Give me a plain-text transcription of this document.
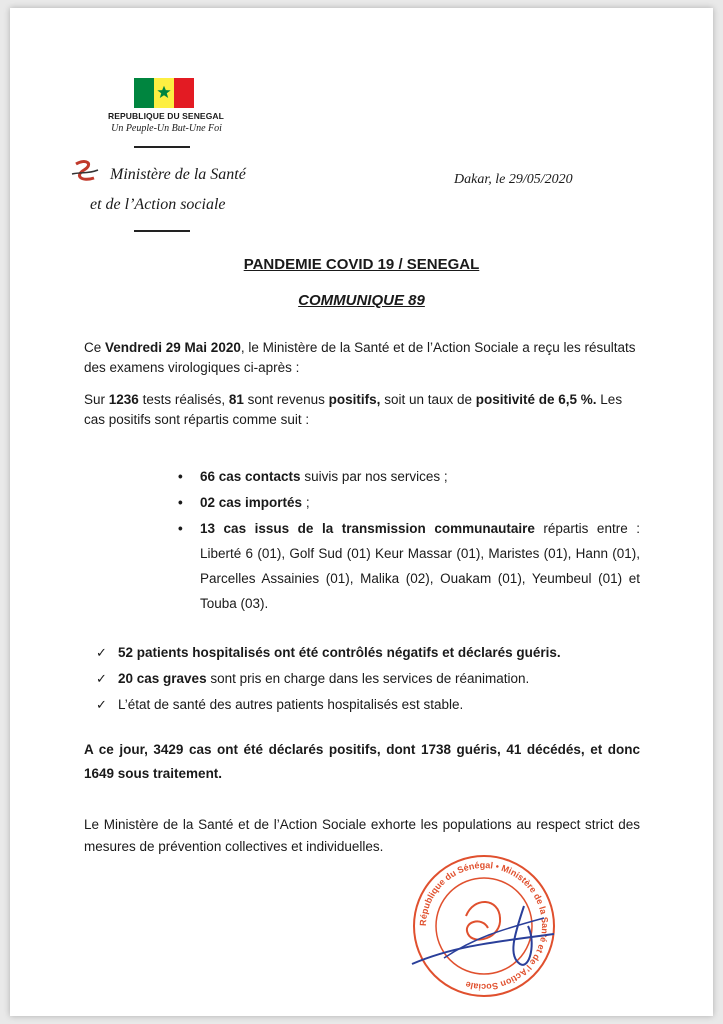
REPUBLIQUE DU SENEGAL
Un Peuple-Un But-Une Foi
Ministère de la Santé
et de l’Action sociale
Dakar, le 29/05/2020
PANDEMIE COVID 19 / SENEGAL
COMMUNIQUE 89
Ce Vendredi 29 Mai 2020, le Ministère de la Santé et de l’Action Sociale a reçu les résultats des examens virologiques ci-après :
Sur 1236 tests réalisés, 81 sont revenus positifs, soit un taux de positivité de 6,5 %. Les cas positifs sont répartis comme suit :
• 66 cas contacts suivis par nos services ;
• 02 cas importés ;
• 13 cas issus de la transmission communautaire répartis entre : Liberté 6 (01), Golf Sud (01) Keur Massar (01), Maristes (01), Hann (01), Parcelles Assainies (01), Malika (02), Ouakam (01), Yeumbeul (01) et Touba (03).
✓ 52 patients hospitalisés ont été contrôlés négatifs et déclarés guéris.
✓ 20 cas graves sont pris en charge dans les services de réanimation.
✓ L’état de santé des autres patients hospitalisés est stable.
A ce jour, 3429 cas ont été déclarés positifs, dont 1738 guéris, 41 décédés, et donc 1649 sous traitement.
Le Ministère de la Santé et de l’Action Sociale exhorte les populations au respect strict des mesures de prévention collectives et individuelles.
République du Sénégal • Ministère de la Santé et de l’Action Sociale
